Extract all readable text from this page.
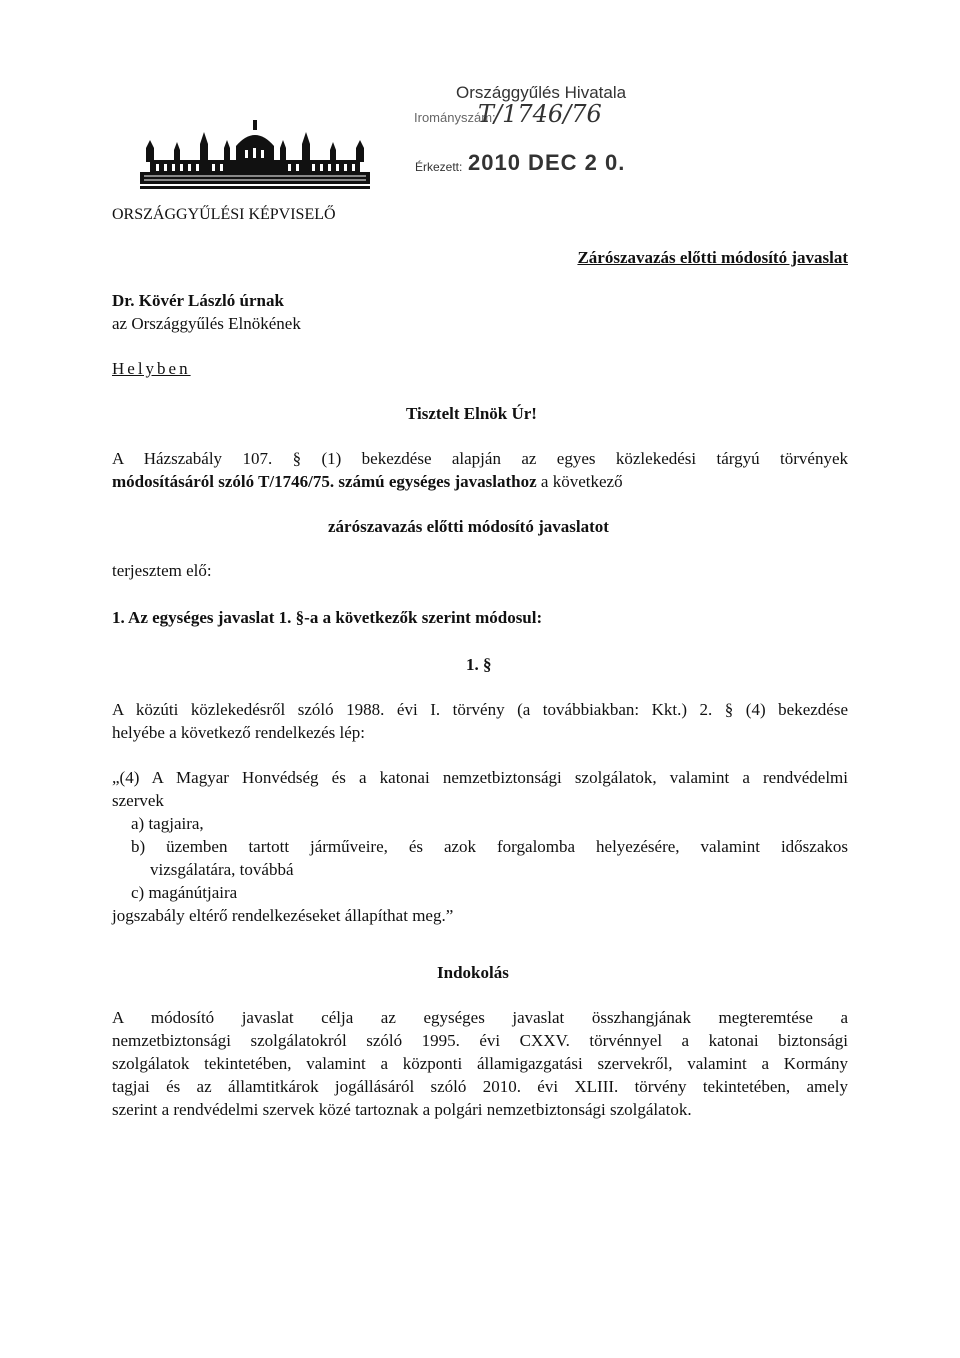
Országgyűlés Hivatala
Irományszám:
T/1746/76
Érkezett: 2010 DEC 2 0.
ORSZÁGGYŰLÉSI KÉPVISELŐ
Zárószavazás előtti módosító javaslat
Dr. Kövér László úrnak
az Országgyűlés Elnökének
Helyben
Tisztelt Elnök Úr!
A Házszabály 107. § (1) bekezdése alapján az egyes közlekedési tárgyú törvények
módosításáról szóló T/1746/75. számú egységes javaslathoz a következő
zárószavazás előtti módosító javaslatot
terjesztem elő:
1. Az egységes javaslat 1. §-a a következők szerint módosul:
1. §
A közúti közlekedésről szóló 1988. évi I. törvény (a továbbiakban: Kkt.) 2. § (4) bekezdése
helyébe a következő rendelkezés lép:
„(4) A Magyar Honvédség és a katonai nemzetbiztonsági szolgálatok, valamint a rendvédelmi
szervek
a) tagjaira,
b) üzemben tartott járműveire, és azok forgalomba helyezésére, valamint időszakos
vizsgálatára, továbbá
c) magánútjaira
jogszabály eltérő rendelkezéseket állapíthat meg.”
Indokolás
A módosító javaslat célja az egységes javaslat összhangjának megteremtése a
nemzetbiztonsági szolgálatokról szóló 1995. évi CXXV. törvénnyel a katonai biztonsági
szolgálatok tekintetében, valamint a központi államigazgatási szervekről, valamint a Kormány
tagjai és az államtitkárok jogállásáról szóló 2010. évi XLIII. törvény tekintetében, amely
szerint a rendvédelmi szervek közé tartoznak a polgári nemzetbiztonsági szolgálatok.
